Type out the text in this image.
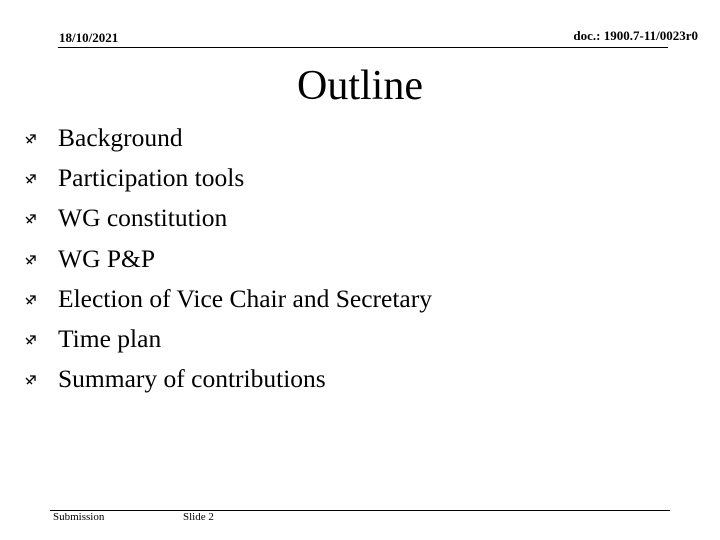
18/10/2021	doc.: 1900.7-11/0023r0
Outline
Background
Participation tools
WG constitution
WG P&P
Election of Vice Chair and Secretary
Time plan
Summary of contributions
Submission	Slide 2
